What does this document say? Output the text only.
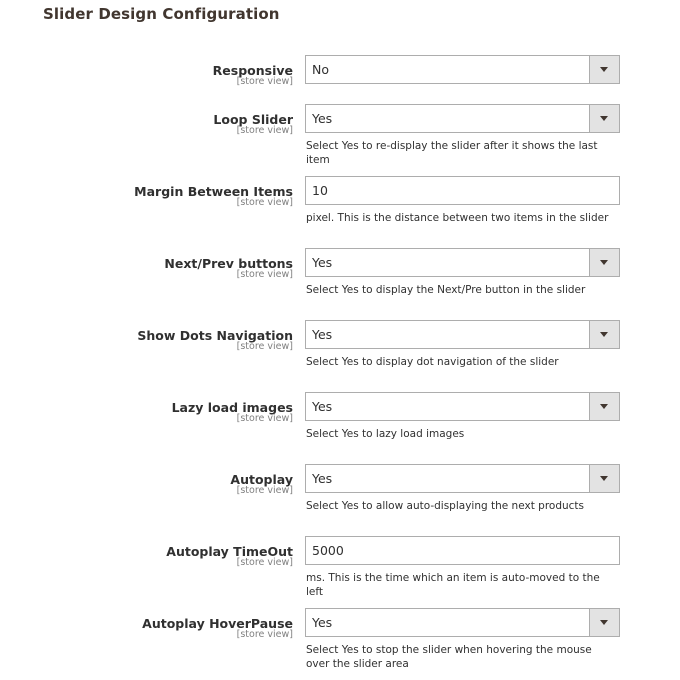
Slider Design Configuration
Responsive
[store view]
No
Loop Slider
[store view]
Yes
Select Yes to re-display the slider after it shows the last item
Margin Between Items
[store view]
10
pixel. This is the distance between two items in the slider
Next/Prev buttons
[store view]
Yes
Select Yes to display the Next/Pre button in the slider
Show Dots Navigation
[store view]
Yes
Select Yes to display dot navigation of the slider
Lazy load images
[store view]
Yes
Select Yes to lazy load images
Autoplay
[store view]
Yes
Select Yes to allow auto-displaying the next products
Autoplay TimeOut
[store view]
5000
ms. This is the time which an item is auto-moved to the left
Autoplay HoverPause
[store view]
Yes
Select Yes to stop the slider when hovering the mouse over the slider area
